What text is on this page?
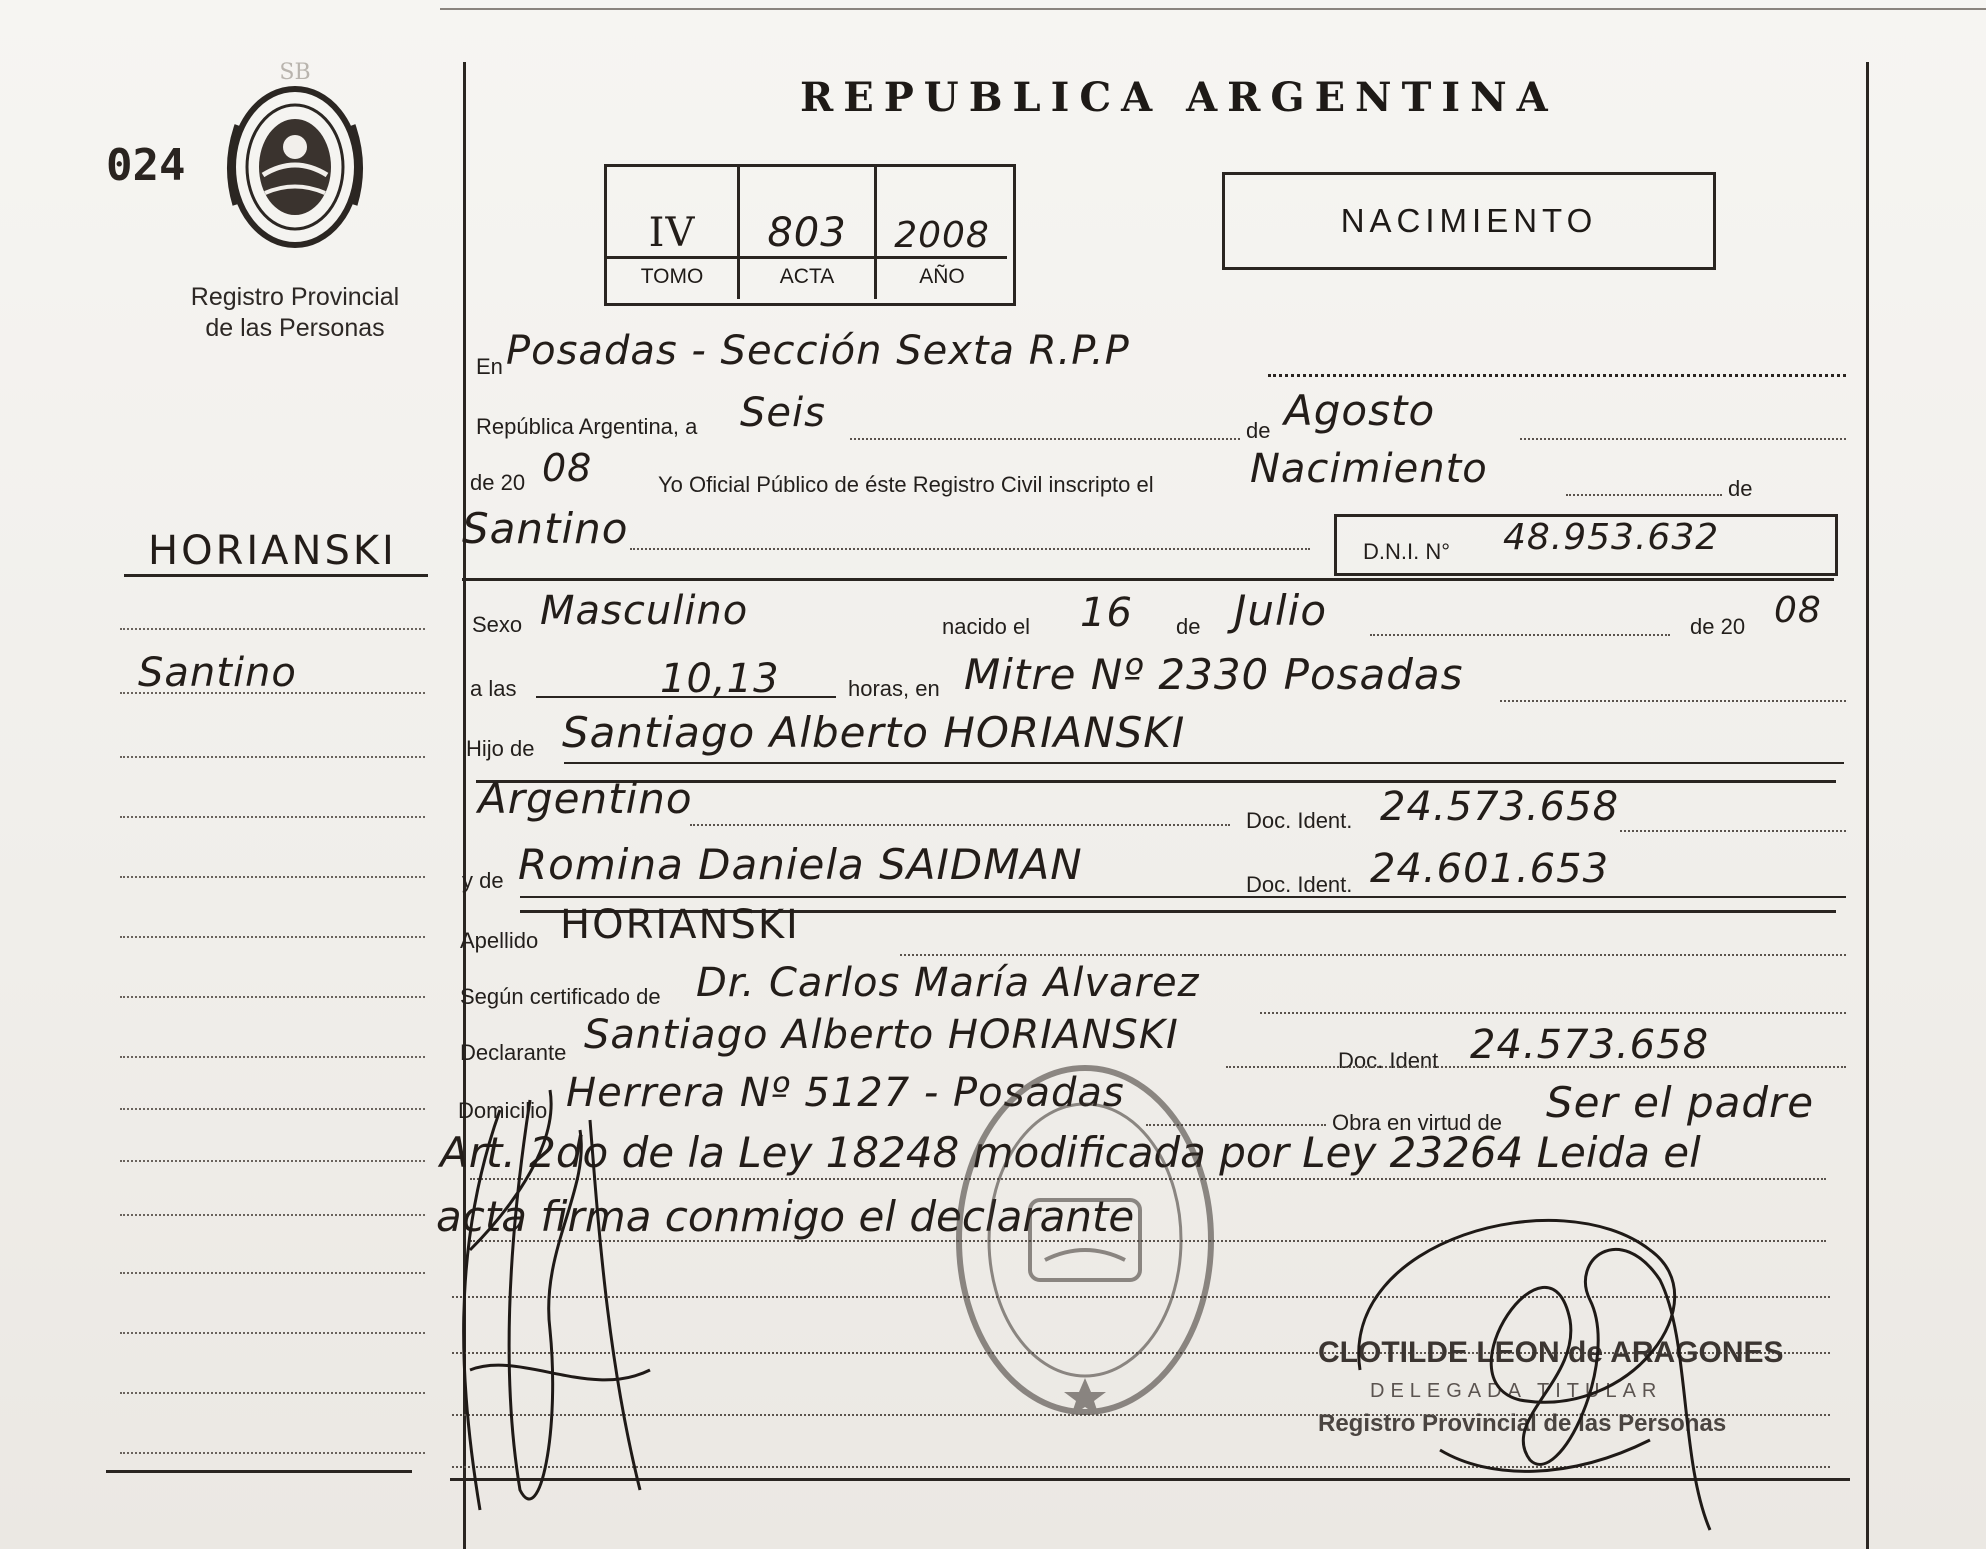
024
SB
Registro Provincial
de las Personas
HORIANSKI
Santino
REPUBLICA ARGENTINA
IV 803 2008
TOMO	ACTA	AÑO
NACIMIENTO
En Posadas - Sección Sexta R.P.P
República Argentina, a Seis	de Agosto
de 20 08	Yo Oficial Público de éste Registro Civil inscripto el Nacimiento	de
Santino	D.N.I. N° 48.953.632
Sexo Masculino	nacido el 16 de Julio	de 20 08
a las	10,13	horas, en Mitre Nº 2330 Posadas
Hijo de Santiago Alberto HORIANSKI
Argentino	Doc. Ident. 24.573.658
y de Romina Daniela SAIDMAN	Doc. Ident. 24.601.653
Apellido HORIANSKI
Según certificado de Dr. Carlos María Alvarez
Declarante Santiago Alberto HORIANSKI
Doc. Ident 24.573.658
Domicilio Herrera Nº 5127 - Posadas
Obra en virtud de Ser el padre
Art. 2do de la Ley 18248 modificada por Ley 23264 Leida el
acta firma conmigo el declarante
CLOTILDE LEON de ARAGONES
DELEGADA TITULAR
Registro Provincial de las Personas
